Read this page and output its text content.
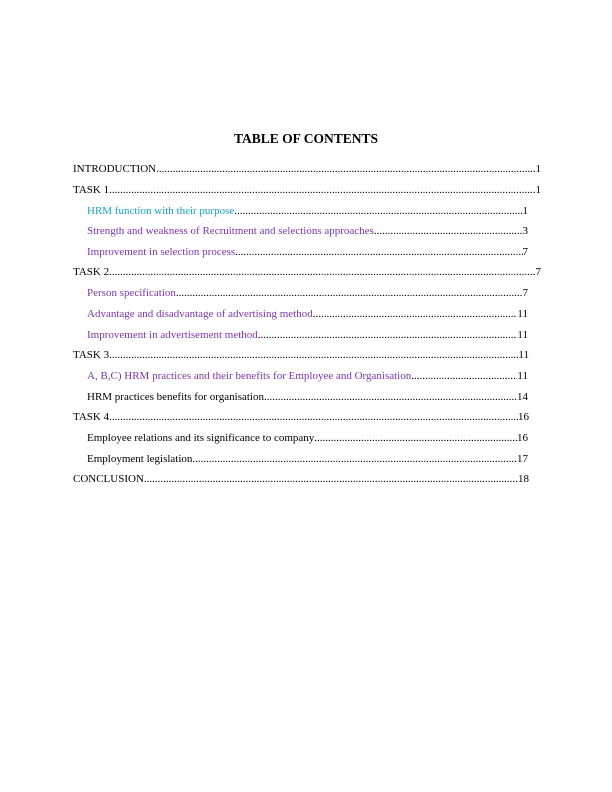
TABLE OF CONTENTS
INTRODUCTION .....	1
TASK 1 .....	1
HRM function with their purpose .....	1
Strength and weakness of Recruitment and selections approaches .....	3
Improvement in selection process .....	7
TASK 2 .....	7
Person specification .....	7
Advantage and disadvantage of advertising method .....	11
Improvement in advertisement method .....	11
TASK 3 .....	11
A, B,C) HRM practices and their benefits for Employee and Organisation .....	11
HRM practices benefits for organisation .....	14
TASK 4 .....	16
Employee relations and its significance to company .....	16
Employment legislation .....	17
CONCLUSION .....	18
